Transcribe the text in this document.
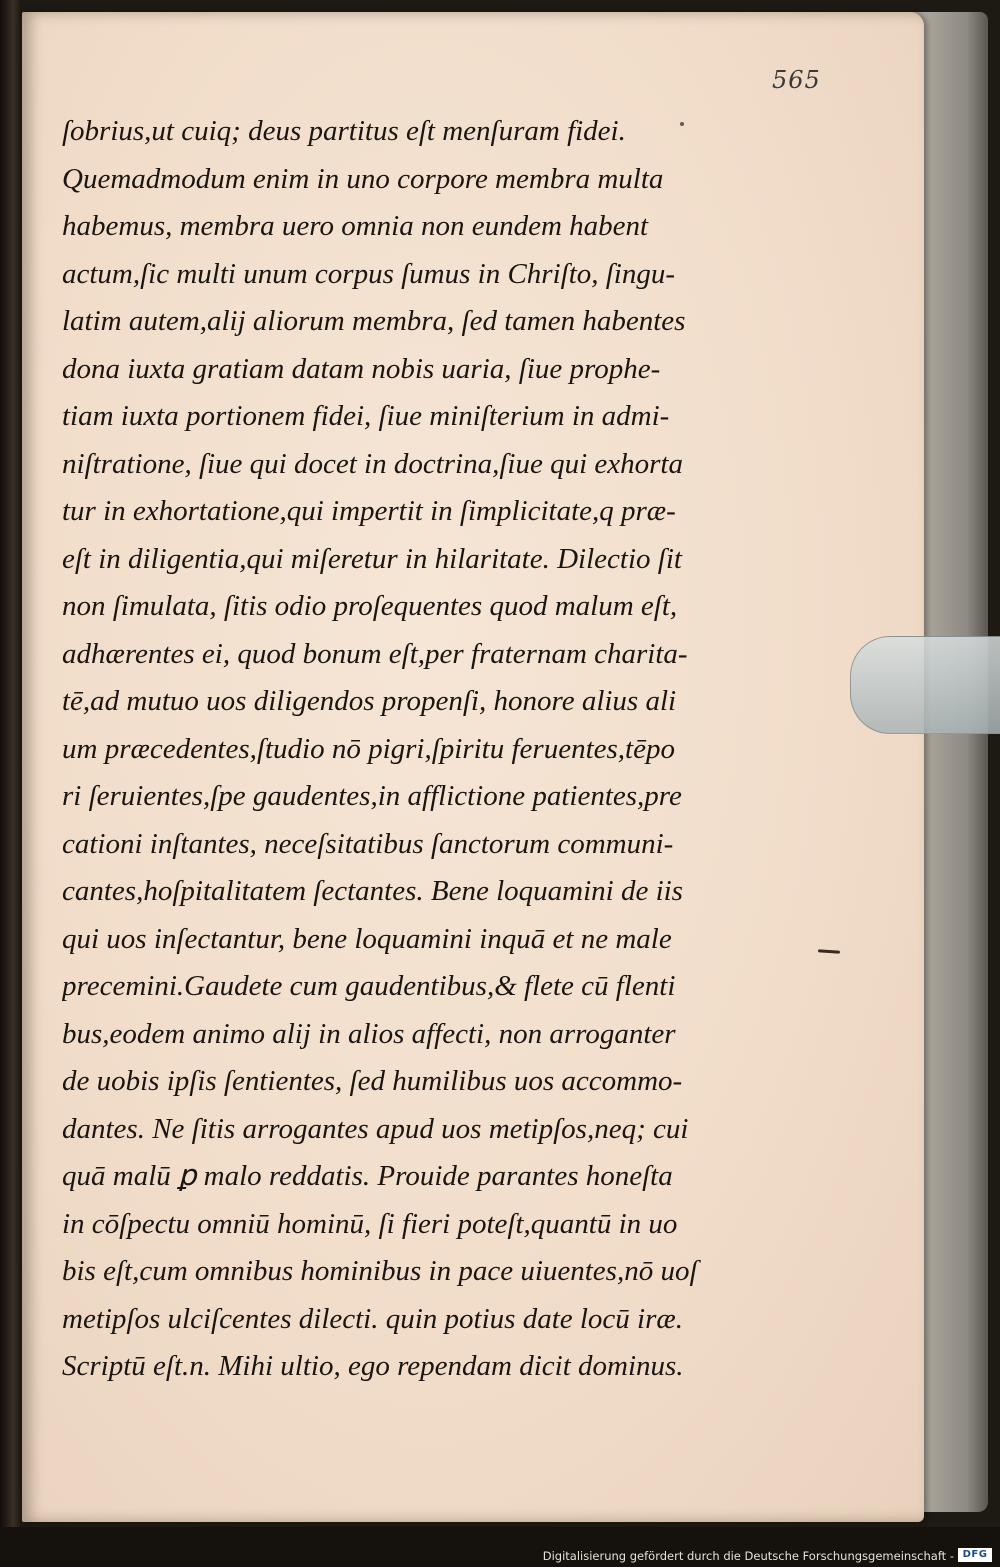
565
ſobrius,ut cuiq; deus partitus eſt menſuram fidei.
Quemadmodum enim in uno corpore membra multa
habemus, membra uero omnia non eundem habent
actum,ſic multi unum corpus ſumus in Chriſto, ſingu-
latim autem,alij aliorum membra, ſed tamen habentes
dona iuxta gratiam datam nobis uaria, ſiue prophe-
tiam iuxta portionem fidei, ſiue miniſterium in admi-
niſtratione, ſiue qui docet in doctrina,ſiue qui exhorta
tur in exhortatione,qui impertit in ſimplicitate,q præ-
eſt in diligentia,qui miſeretur in hilaritate. Dilectio ſit
non ſimulata, ſitis odio proſequentes quod malum eſt,
adhærentes ei, quod bonum eſt,per fraternam charita-
tē,ad mutuo uos diligendos propenſi, honore alius ali
um præcedentes,ſtudio nō pigri,ſpiritu feruentes,tēpo
ri ſeruientes,ſpe gaudentes,in afflictione patientes,pre
cationi inſtantes, neceſsitatibus ſanctorum communi-
cantes,hoſpitalitatem ſectantes. Bene loquamini de iis
qui uos inſectantur, bene loquamini inquā et ne male
precemini.Gaudete cum gaudentibus,& flete cū flenti
bus,eodem animo alij in alios affecti, non arroganter
de uobis ipſis ſentientes, ſed humilibus uos accommo-
dantes. Ne ſitis arrogantes apud uos metipſos,neq; cui
quā malū ꝑ malo reddatis. Prouide parantes honeſta
in cōſpectu omniū hominū, ſi fieri poteſt,quantū in uo
bis eſt,cum omnibus hominibus in pace uiuentes,nō uoſ
metipſos ulciſcentes dilecti. quin potius date locū iræ.
Scriptū eſt.n. Mihi ultio, ego rependam dicit dominus.
Digitalisierung gefördert durch die Deutsche Forschungsgemeinschaft - DFG
